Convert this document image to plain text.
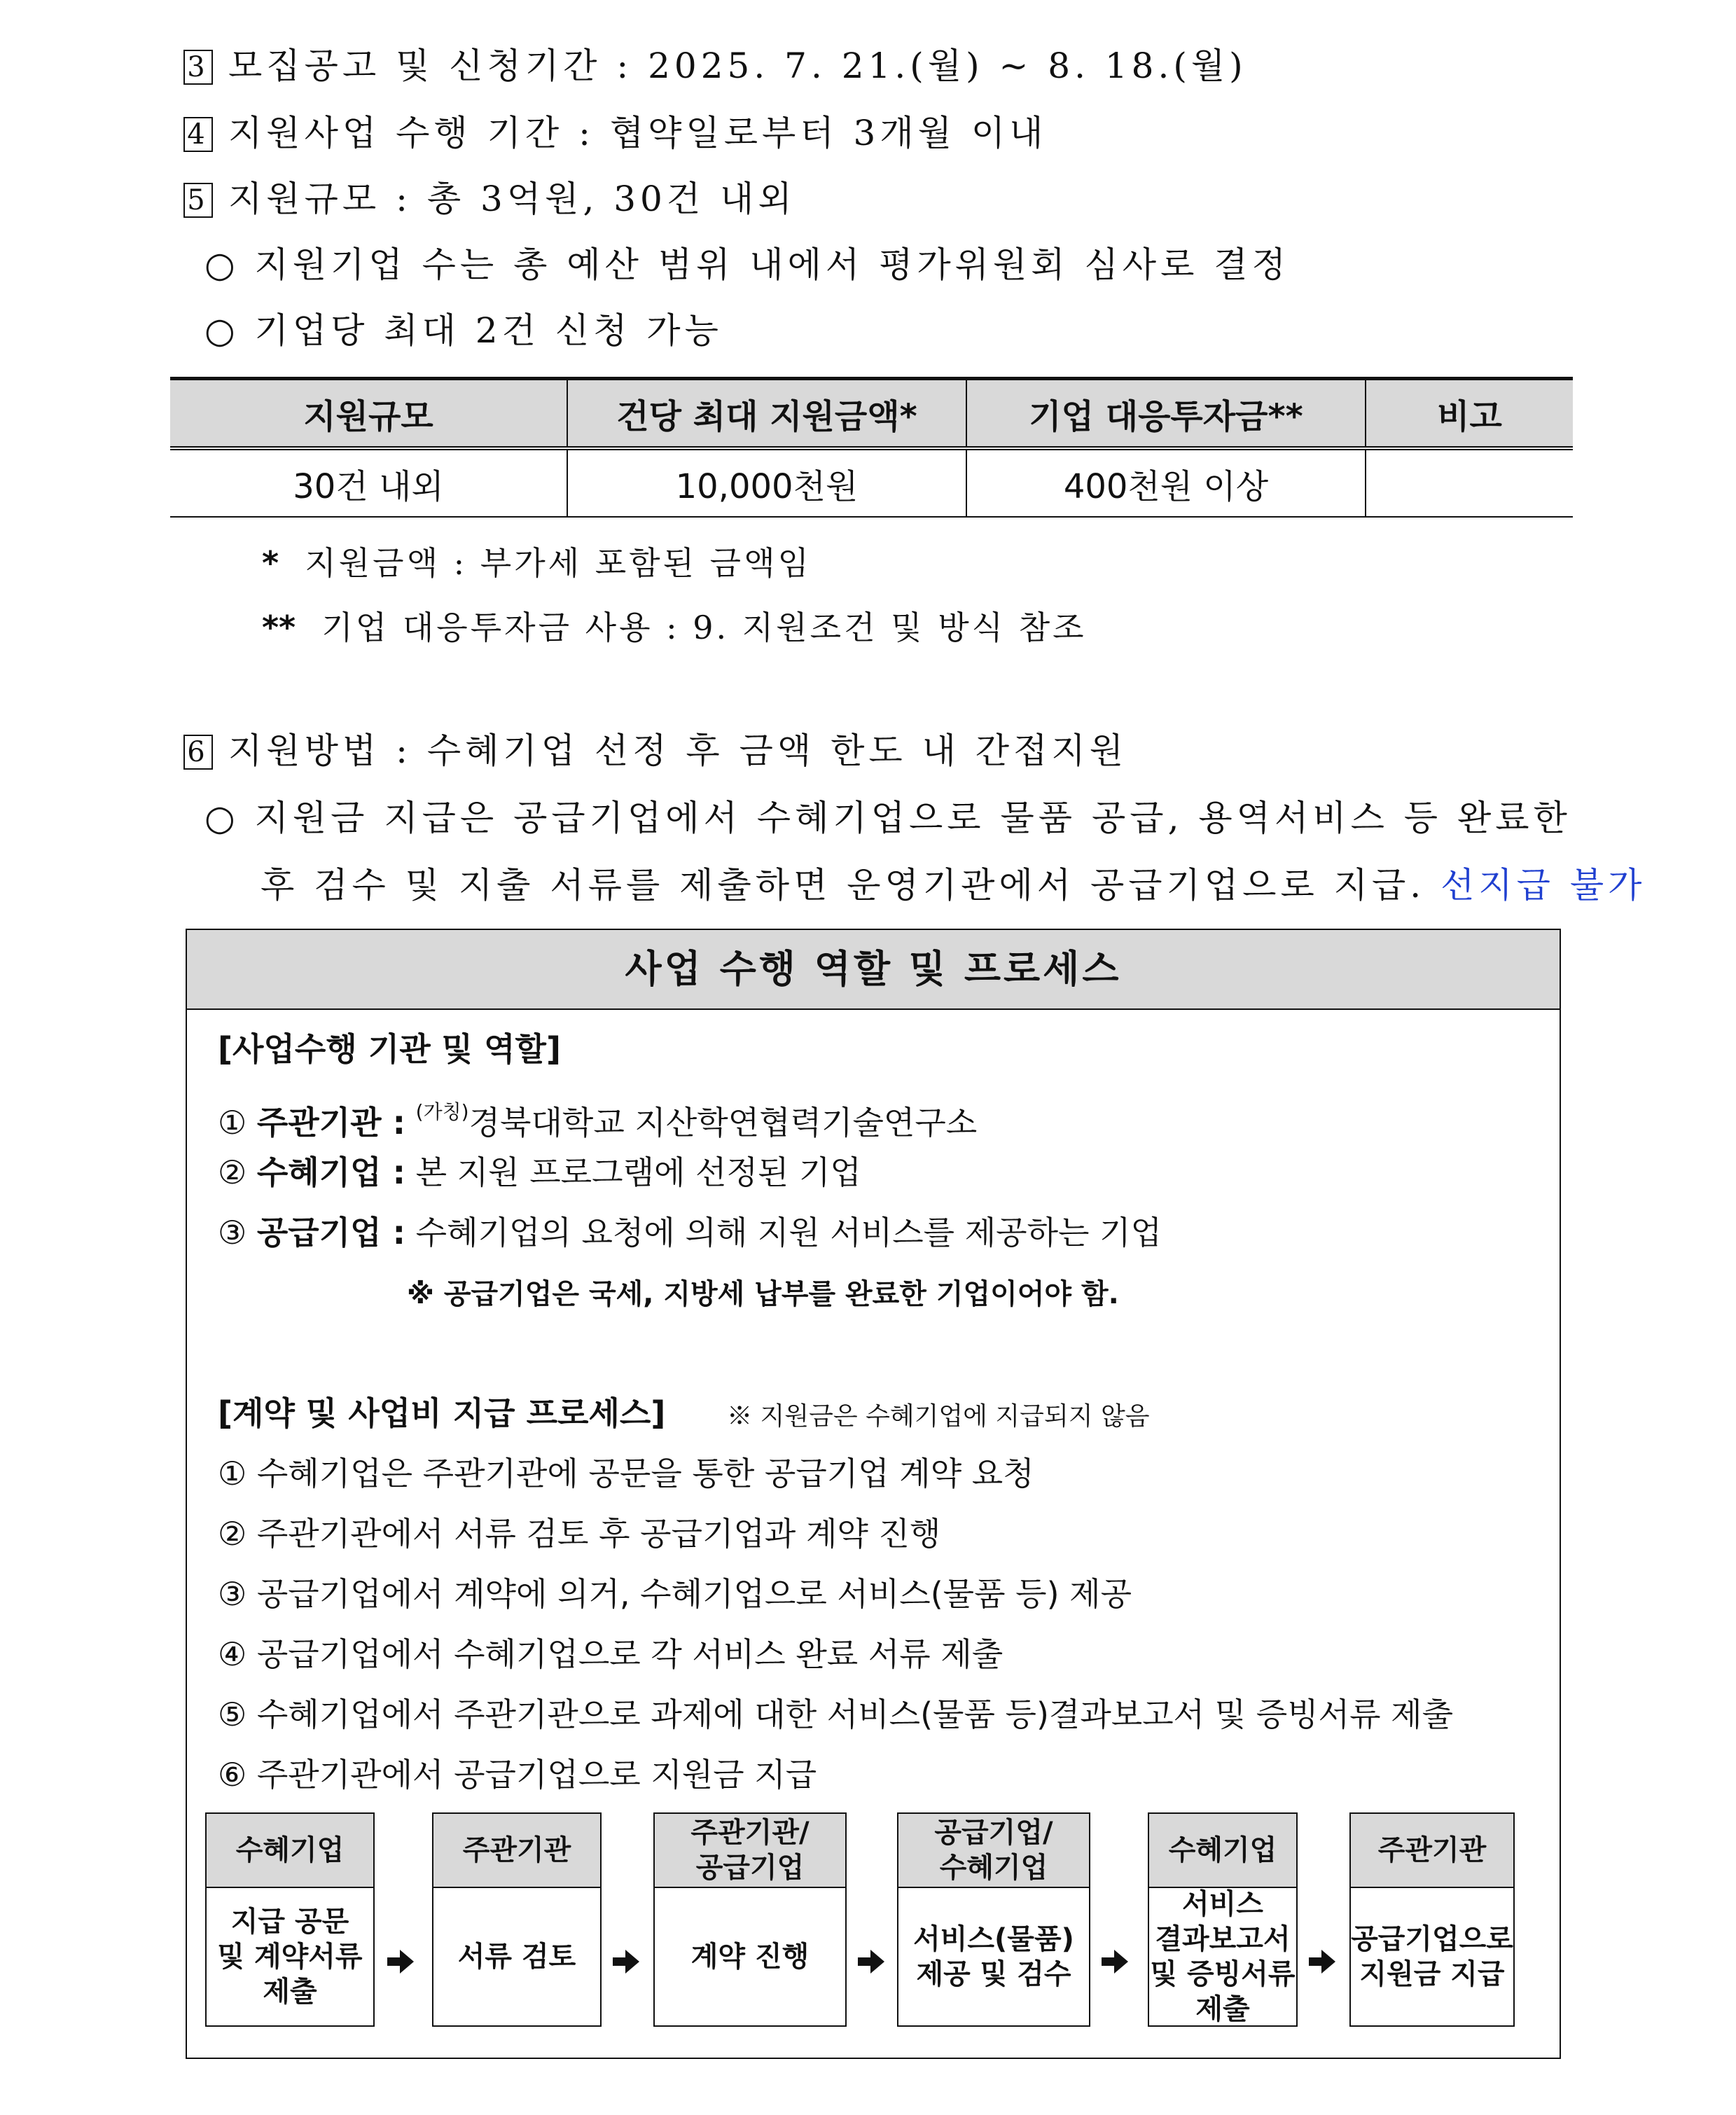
3 모집공고 및 신청기간 : 2025. 7. 21.(월) ~ 8. 18.(월)
4 지원사업 수행 기간 : 협약일로부터 3개월 이내
5 지원규모 : 총 3억원, 30건 내외
○ 지원기업 수는 총 예산 범위 내에서 평가위원회 심사로 결정
○ 기업당 최대 2건 신청 가능
지원규모	건당 최대 지원금액*	기업 대응투자금**	비고
30건 내외	10,000천원	400천원 이상	
* 지원금액 : 부가세 포함된 금액임
** 기업 대응투자금 사용 : 9. 지원조건 및 방식 참조
6 지원방법 : 수혜기업 선정 후 금액 한도 내 간접지원
○ 지원금 지급은 공급기업에서 수혜기업으로 물품 공급, 용역서비스 등 완료한
후 검수 및 지출 서류를 제출하면 운영기관에서 공급기업으로 지급. 선지급 불가
사업 수행 역할 및 프로세스
[사업수행 기관 및 역할]
① 주관기관 : $^{(가칭)}$경북대학교 지산학연협력기술연구소
② 수혜기업 : 본 지원 프로그램에 선정된 기업
③ 공급기업 : 수혜기업의 요청에 의해 지원 서비스를 제공하는 기업
※ 공급기업은 국세, 지방세 납부를 완료한 기업이어야 함.
[계약 및 사업비 지급 프로세스] ※ 지원금은 수혜기업에 지급되지 않음
① 수혜기업은 주관기관에 공문을 통한 공급기업 계약 요청
② 주관기관에서 서류 검토 후 공급기업과 계약 진행
③ 공급기업에서 계약에 의거, 수혜기업으로 서비스(물품 등) 제공
④ 공급기업에서 수혜기업으로 각 서비스 완료 서류 제출
⑤ 수혜기업에서 주관기관으로 과제에 대한 서비스(물품 등)결과보고서 및 증빙서류 제출
⑥ 주관기관에서 공급기업으로 지원금 지급
수혜기업
지급 공문
및 계약서류
제출
주관기관
서류 검토
주관기관/
공급기업
계약 진행
공급기업/
수혜기업
서비스(물품)
제공 및 검수
수혜기업
서비스
결과보고서
및 증빙서류
제출
주관기관
공급기업으로
지원금 지급
